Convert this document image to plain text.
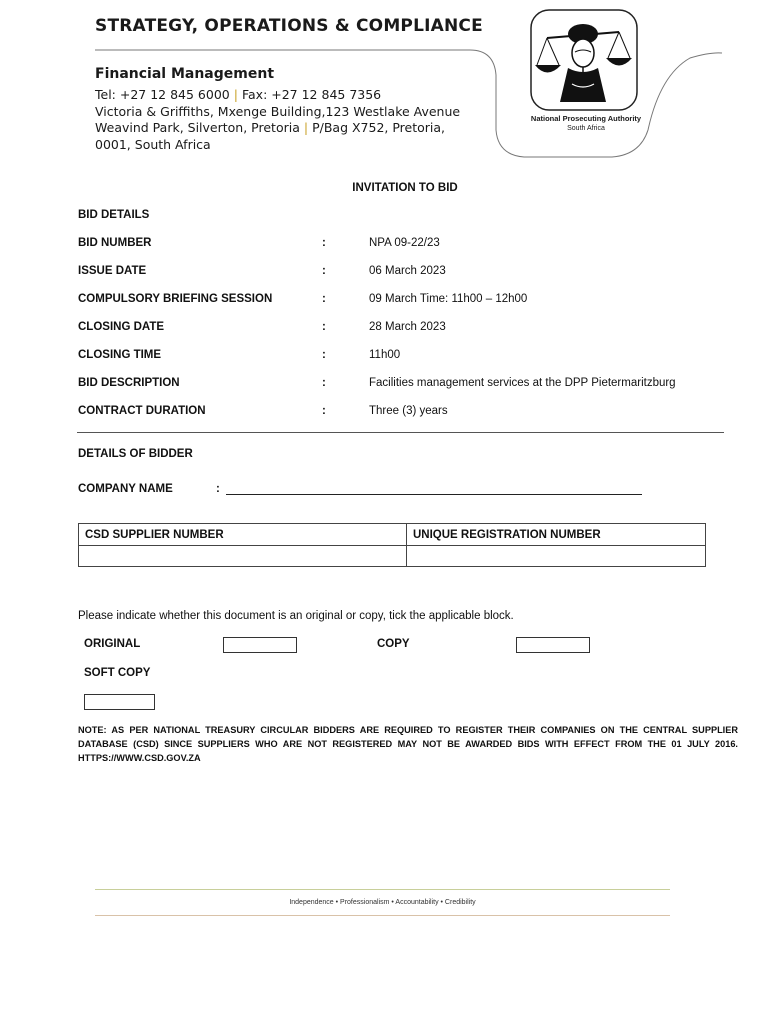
STRATEGY, OPERATIONS & COMPLIANCE
Financial Management
Tel: +27 12 845 6000 | Fax: +27 12 845 7356
Victoria & Griffiths, Mxenge Building,123 Westlake Avenue
Weavind Park, Silverton, Pretoria | P/Bag X752, Pretoria,
0001, South Africa
National Prosecuting Authority
South Africa
INVITATION TO BID
BID DETAILS
BID NUMBER	:	NPA 09-22/23
ISSUE DATE	:	06 March 2023
COMPULSORY BRIEFING SESSION	:	09 March Time: 11h00 – 12h00
CLOSING DATE	:	28 March 2023
CLOSING TIME	:	11h00
BID DESCRIPTION	:	Facilities management services at the DPP Pietermaritzburg
CONTRACT DURATION	:	Three (3) years
DETAILS OF BIDDER
COMPANY NAME	:
CSD SUPPLIER NUMBER	UNIQUE REGISTRATION NUMBER

Please indicate whether this document is an original or copy, tick the applicable block.
ORIGINAL	COPY
SOFT COPY
NOTE: AS PER NATIONAL TREASURY CIRCULAR BIDDERS ARE REQUIRED TO REGISTER THEIR COMPANIES ON THE CENTRAL SUPPLIER DATABASE (CSD) SINCE SUPPLIERS WHO ARE NOT REGISTERED MAY NOT BE AWARDED BIDS WITH EFFECT FROM THE 01 JULY 2016. HTTPS://WWW.CSD.GOV.ZA
Independence • Professionalism • Accountability • Credibility
